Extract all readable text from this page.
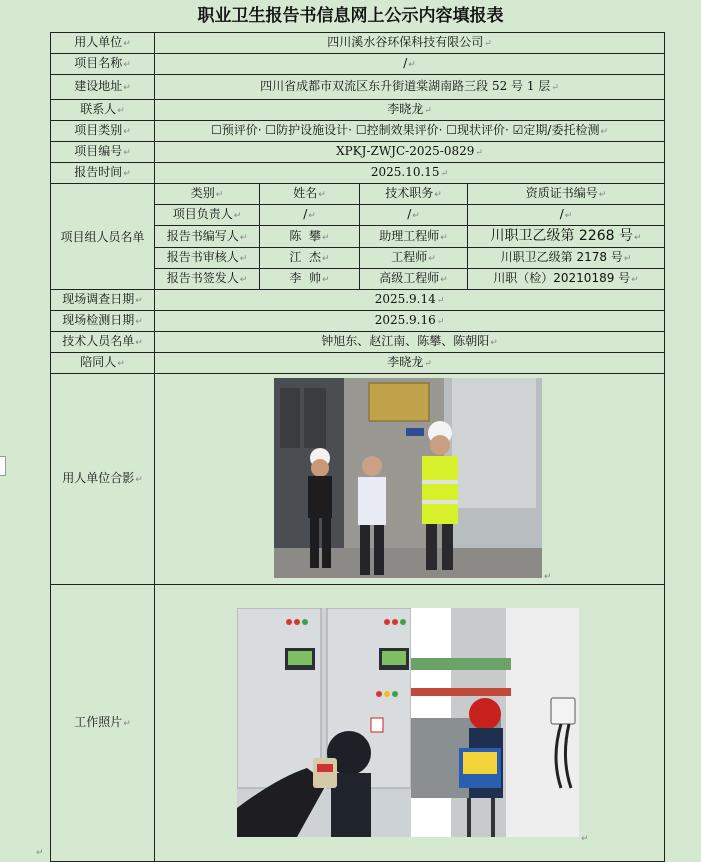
职业卫生报告书信息网上公示内容填报表
用人单位↵	四川溪水谷环保科技有限公司↵			
项目名称↵	/↵			
建设地址↵	四川省成都市双流区东升街道棠湖南路三段 52 号 1 层↵			
联系人↵	李晓龙↵			
项目类别↵	☐预评价· ☐防护设施设计· ☐控制效果评价· ☐现状评价· ☑定期/委托检测↵			
项目编号↵	XPKJ-ZWJC-2025-0829↵			
报告时间↵	2025.10.15↵			
项目组人员名单	类别↵	姓名↵	技术职务↵	资质证书编号↵
	项目负责人↵	/↵	/↵	/↵
	报告书编写人↵	陈  攀↵	助理工程师↵	川职卫乙级第 2268 号↵
	报告书审核人↵	江  杰↵	工程师↵	川职卫乙级第 2178 号↵
	报告书签发人↵	李  帅↵	高级工程师↵	川职（检）20210189 号↵
现场调查日期↵	2025.9.14↵			
现场检测日期↵	2025.9.16↵			
技术人员名单↵	钟旭东、赵江南、陈攀、陈朝阳↵			
陪同人↵	李晓龙↵			
用人单位合影↵	↵			

工作照片↵	↵			
↵
